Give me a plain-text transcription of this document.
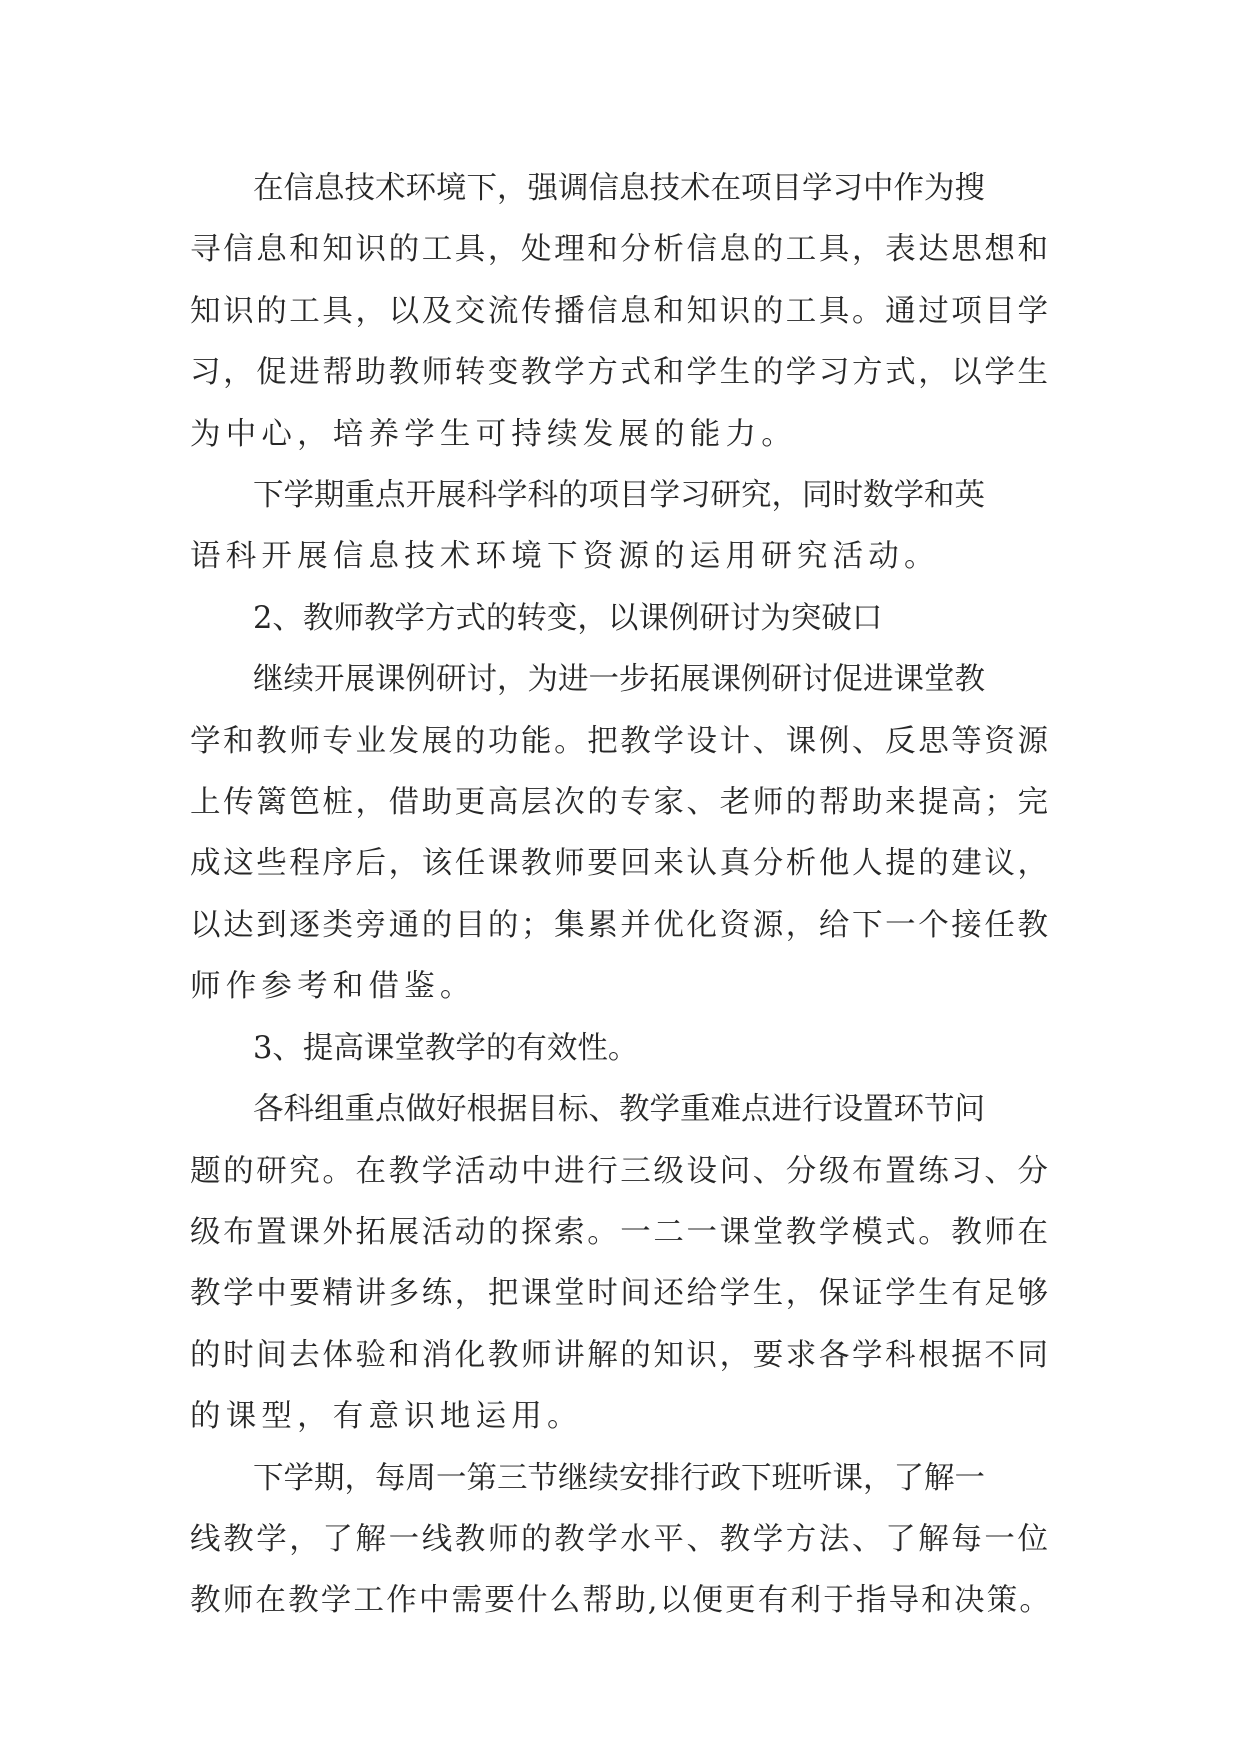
在信息技术环境下，强调信息技术在项目学习中作为搜
寻信息和知识的工具，处理和分析信息的工具，表达思想和
知识的工具，以及交流传播信息和知识的工具。通过项目学
习，促进帮助教师转变教学方式和学生的学习方式，以学生
为中心，培养学生可持续发展的能力。

下学期重点开展科学科的项目学习研究，同时数学和英
语科开展信息技术环境下资源的运用研究活动。

2、教师教学方式的转变，以课例研讨为突破口

继续开展课例研讨，为进一步拓展课例研讨促进课堂教
学和教师专业发展的功能。把教学设计、课例、反思等资源
上传篱笆桩，借助更高层次的专家、老师的帮助来提高；完
成这些程序后，该任课教师要回来认真分析他人提的建议，
以达到逐类旁通的目的；集累并优化资源，给下一个接任教
师作参考和借鉴。

3、提高课堂教学的有效性。

各科组重点做好根据目标、教学重难点进行设置环节问
题的研究。在教学活动中进行三级设问、分级布置练习、分
级布置课外拓展活动的探索。一二一课堂教学模式。教师在
教学中要精讲多练，把课堂时间还给学生，保证学生有足够
的时间去体验和消化教师讲解的知识，要求各学科根据不同
的课型，有意识地运用。

下学期，每周一第三节继续安排行政下班听课，了解一
线教学，了解一线教师的教学水平、教学方法、了解每一位
教师在教学工作中需要什么帮助,以便更有利于指导和决策。
